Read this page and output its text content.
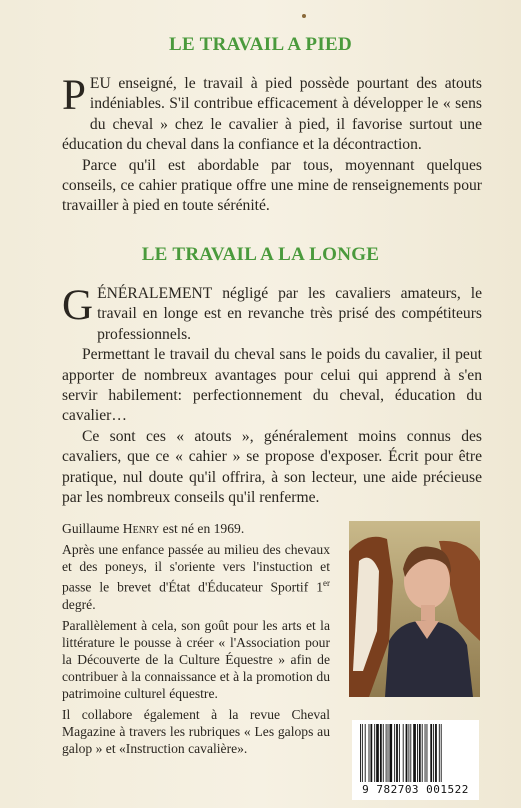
LE TRAVAIL A PIED

PEU enseigné, le travail à pied possède pourtant des atouts indéniables. S'il contribue efficacement à développer le « sens du cheval » chez le cavalier à pied, il favorise surtout une éducation du cheval dans la confiance et la décontraction.

Parce qu'il est abordable par tous, moyennant quelques conseils, ce cahier pratique offre une mine de renseignements pour travailler à pied en toute sérénité.

LE TRAVAIL A LA LONGE

GÉNÉRALEMENT négligé par les cavaliers amateurs, le travail en longe est en revanche très prisé des compétiteurs professionnels.

Permettant le travail du cheval sans le poids du cavalier, il peut apporter de nombreux avantages pour celui qui apprend à s'en servir habilement: perfectionnement du cheval, éducation du cavalier…

Ce sont ces « atouts », généralement moins connus des cavaliers, que ce « cahier » se propose d'exposer. Écrit pour être pratique, nul doute qu'il offrira, à son lecteur, une aide précieuse par les nombreux conseils qu'il renferme.

Guillaume Henry est né en 1969.

Après une enfance passée au milieu des chevaux et des poneys, il s'oriente vers l'instuction et passe le brevet d'État d'Éducateur Sportif 1er degré.

Parallèlement à cela, son goût pour les arts et la littérature le pousse à créer « l'Association pour la Découverte de la Culture Équestre » afin de contribuer à la connaissance et à la promotion du patrimoine culturel équestre.

Il collabore également à la revue Cheval Magazine à travers les rubriques « Les galops au galop » et «Instruction cavalière».

9 782703 001522
